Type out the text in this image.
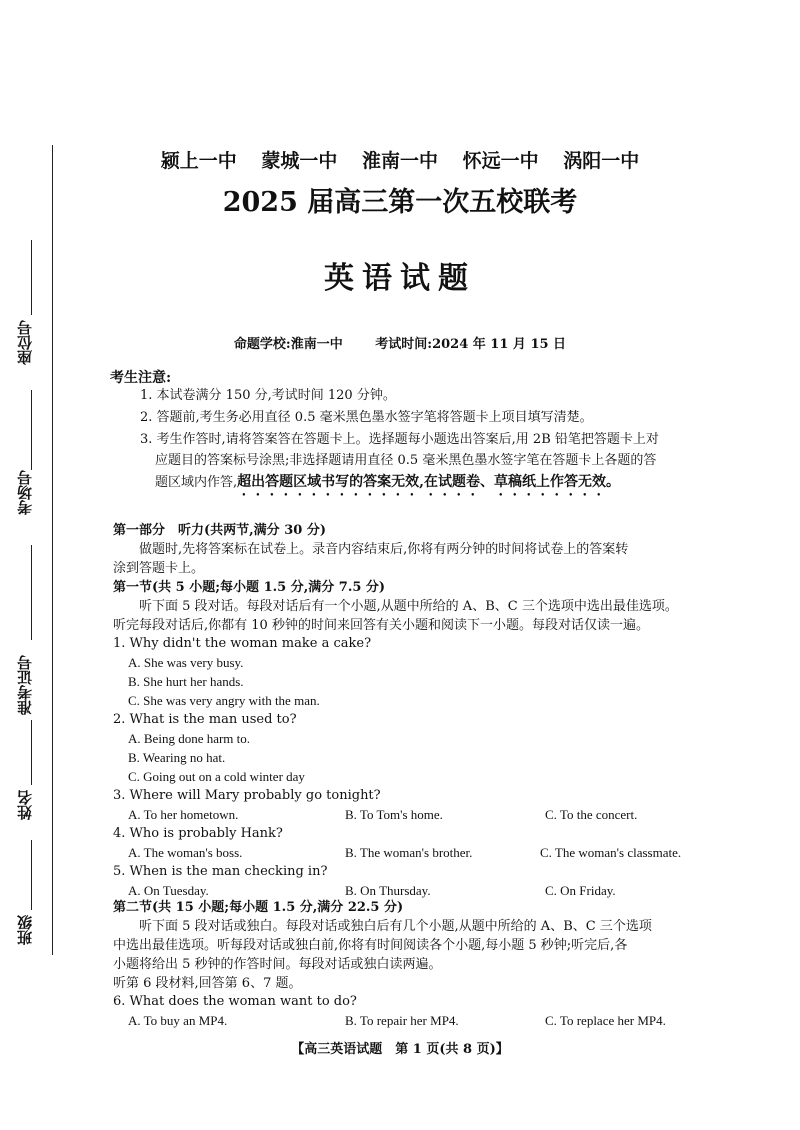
座位号
考场号
准考证号
姓名
班级
颍上一中 蒙城一中 淮南一中 怀远一中 涡阳一中
2025 届高三第一次五校联考
英语试题
命题学校:淮南一中	考试时间:2024 年 11 月 15 日
考生注意:
1. 本试卷满分 150 分,考试时间 120 分钟。
2. 答题前,考生务必用直径 0.5 毫米黑色墨水签字笔将答题卡上项目填写清楚。
3. 考生作答时,请将答案答在答题卡上。选择题每小题选出答案后,用 2B 铅笔把答题卡上对
应题目的答案标号涂黑;非选择题请用直径 0.5 毫米黑色墨水签字笔在答题卡上各题的答
题区域内作答,超出答题区域书写的答案无效,在试题卷、草稿纸上作答无效。
第一部分　听力(共两节,满分 30 分)
做题时,先将答案标在试卷上。录音内容结束后,你将有两分钟的时间将试卷上的答案转
涂到答题卡上。
第一节(共 5 小题;每小题 1.5 分,满分 7.5 分)
听下面 5 段对话。每段对话后有一个小题,从题中所给的 A、B、C 三个选项中选出最佳选项。
听完每段对话后,你都有 10 秒钟的时间来回答有关小题和阅读下一小题。每段对话仅读一遍。
1. Why didn't the woman make a cake?
A. She was very busy.
B. She hurt her hands.
C. She was very angry with the man.
2. What is the man used to?
A. Being done harm to.
B. Wearing no hat.
C. Going out on a cold winter day
3. Where will Mary probably go tonight?
A. To her hometown.	B. To Tom's home.	C. To the concert.
4. Who is probably Hank?
A. The woman's boss.	B. The woman's brother.	C. The woman's classmate.
5. When is the man checking in?
A. On Tuesday.	B. On Thursday.	C. On Friday.
第二节(共 15 小题;每小题 1.5 分,满分 22.5 分)
听下面 5 段对话或独白。每段对话或独白后有几个小题,从题中所给的 A、B、C 三个选项
中选出最佳选项。听每段对话或独白前,你将有时间阅读各个小题,每小题 5 秒钟;听完后,各
小题将给出 5 秒钟的作答时间。每段对话或独白读两遍。
听第 6 段材料,回答第 6、7 题。
6. What does the woman want to do?
A. To buy an MP4.	B. To repair her MP4.	C. To replace her MP4.
【高三英语试题　第 1 页(共 8 页)】
